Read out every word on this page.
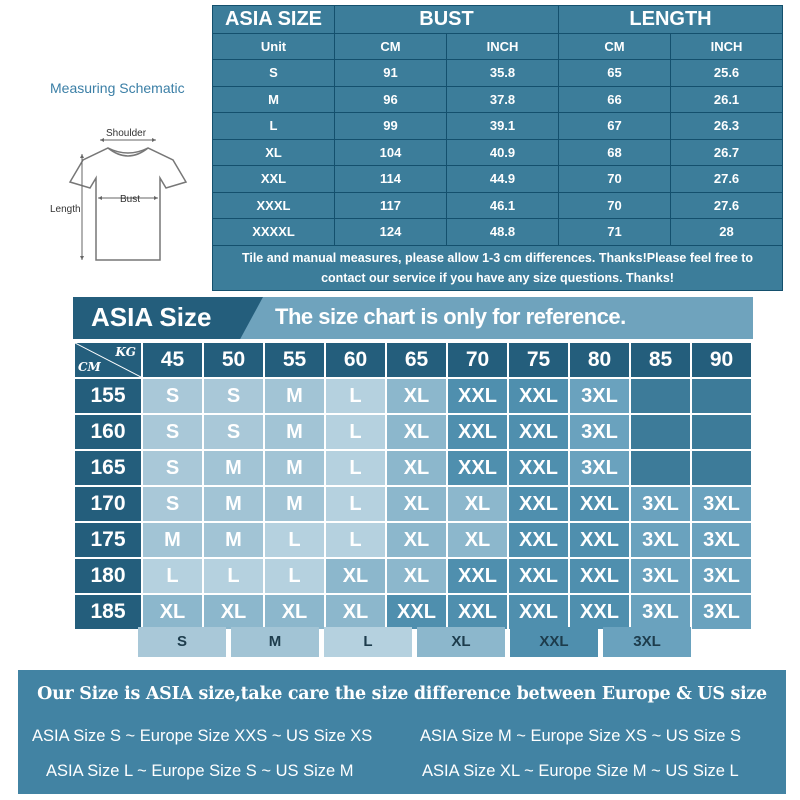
Measuring Schematic
Shoulder
Bust
Length
ASIA SIZE	BUST		LENGTH	
Unit	CM	INCH	CM	INCH
S	91	35.8	65	25.6
M	96	37.8	66	26.1
L	99	39.1	67	26.3
XL	104	40.9	68	26.7
XXL	114	44.9	70	27.6
XXXL	117	46.1	70	27.6
XXXXL	124	48.8	71	28
Tile and manual measures, please allow 1-3 cm differences. Thanks!Please feel free to contact our service if you have any size questions. Thanks!				
ASIA Size	The size chart is only for reference.
KG
CM	45	50	55	60	65	70	75	80	85	90
155	S	S	M	L	XL	XXL	XXL	3XL		
160	S	S	M	L	XL	XXL	XXL	3XL		
165	S	M	M	L	XL	XXL	XXL	3XL		
170	S	M	M	L	XL	XL	XXL	XXL	3XL	3XL
175	M	M	L	L	XL	XL	XXL	XXL	3XL	3XL
180	L	L	L	XL	XL	XXL	XXL	XXL	3XL	3XL
185	XL	XL	XL	XL	XXL	XXL	XXL	XXL	3XL	3XL
S	M	L	XL	XXL	3XL
Our Size is ASIA size,take care the size difference between Europe & US size
ASIA Size S ~ Europe Size XXS ~ US Size XS	ASIA Size M ~ Europe Size XS ~ US Size S
ASIA Size L ~ Europe Size S ~ US Size M	ASIA Size XL ~ Europe Size M ~ US Size L
